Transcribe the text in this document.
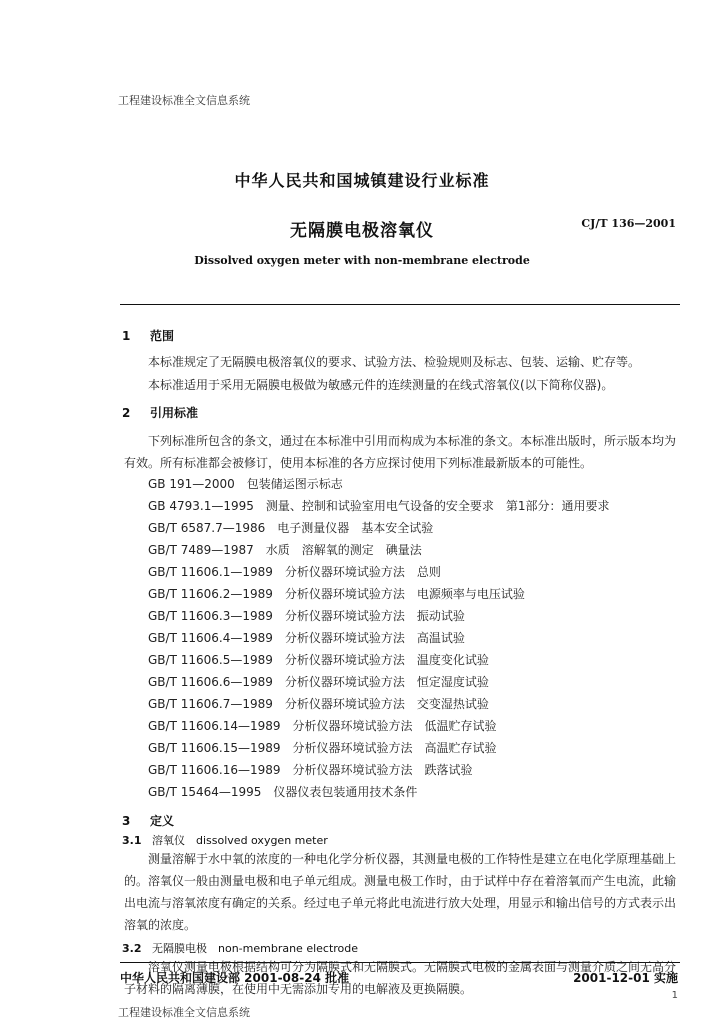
工程建设标准全文信息系统
中华人民共和国城镇建设行业标准
无隔膜电极溶氧仪	CJ/T 136—2001
Dissolved oxygen meter with non-membrane electrode
1 范围
本标准规定了无隔膜电极溶氧仪的要求、试验方法、检验规则及标志、包装、运输、贮存等。
本标准适用于采用无隔膜电极做为敏感元件的连续测量的在线式溶氧仪(以下简称仪器)。
2 引用标准
下列标准所包含的条文，通过在本标准中引用而构成为本标准的条文。本标准出版时，所示版本均为有效。所有标准都会被修订，使用本标准的各方应探讨使用下列标准最新版本的可能性。
GB 191—2000　包装储运图示标志
GB 4793.1—1995　测量、控制和试验室用电气设备的安全要求　第1部分：通用要求
GB/T 6587.7—1986　电子测量仪器　基本安全试验
GB/T 7489—1987　水质　溶解氧的测定　碘量法
GB/T 11606.1—1989　分析仪器环境试验方法　总则
GB/T 11606.2—1989　分析仪器环境试验方法　电源频率与电压试验
GB/T 11606.3—1989　分析仪器环境试验方法　振动试验
GB/T 11606.4—1989　分析仪器环境试验方法　高温试验
GB/T 11606.5—1989　分析仪器环境试验方法　温度变化试验
GB/T 11606.6—1989　分析仪器环境试验方法　恒定湿度试验
GB/T 11606.7—1989　分析仪器环境试验方法　交变湿热试验
GB/T 11606.14—1989　分析仪器环境试验方法　低温贮存试验
GB/T 11606.15—1989　分析仪器环境试验方法　高温贮存试验
GB/T 11606.16—1989　分析仪器环境试验方法　跌落试验
GB/T 15464—1995　仪器仪表包装通用技术条件
3 定义
3.1 溶氧仪　dissolved oxygen meter
测量溶解于水中氧的浓度的一种电化学分析仪器，其测量电极的工作特性是建立在电化学原理基础上的。溶氧仪一般由测量电极和电子单元组成。测量电极工作时，由于试样中存在着溶氧而产生电流，此输出电流与溶氧浓度有确定的关系。经过电子单元将此电流进行放大处理，用显示和输出信号的方式表示出溶氧的浓度。
3.2 无隔膜电极　non-membrane electrode
中华人民共和国建设部 2001-08-24 批准	2001-12-01 实施
1
工程建设标准全文信息系统
溶氧仪测量电极根据结构可分为隔膜式和无隔膜式。无隔膜式电极的金属表面与测量介质之间无高分子材料的隔离薄膜，在使用中无需添加专用的电解液及更换隔膜。
